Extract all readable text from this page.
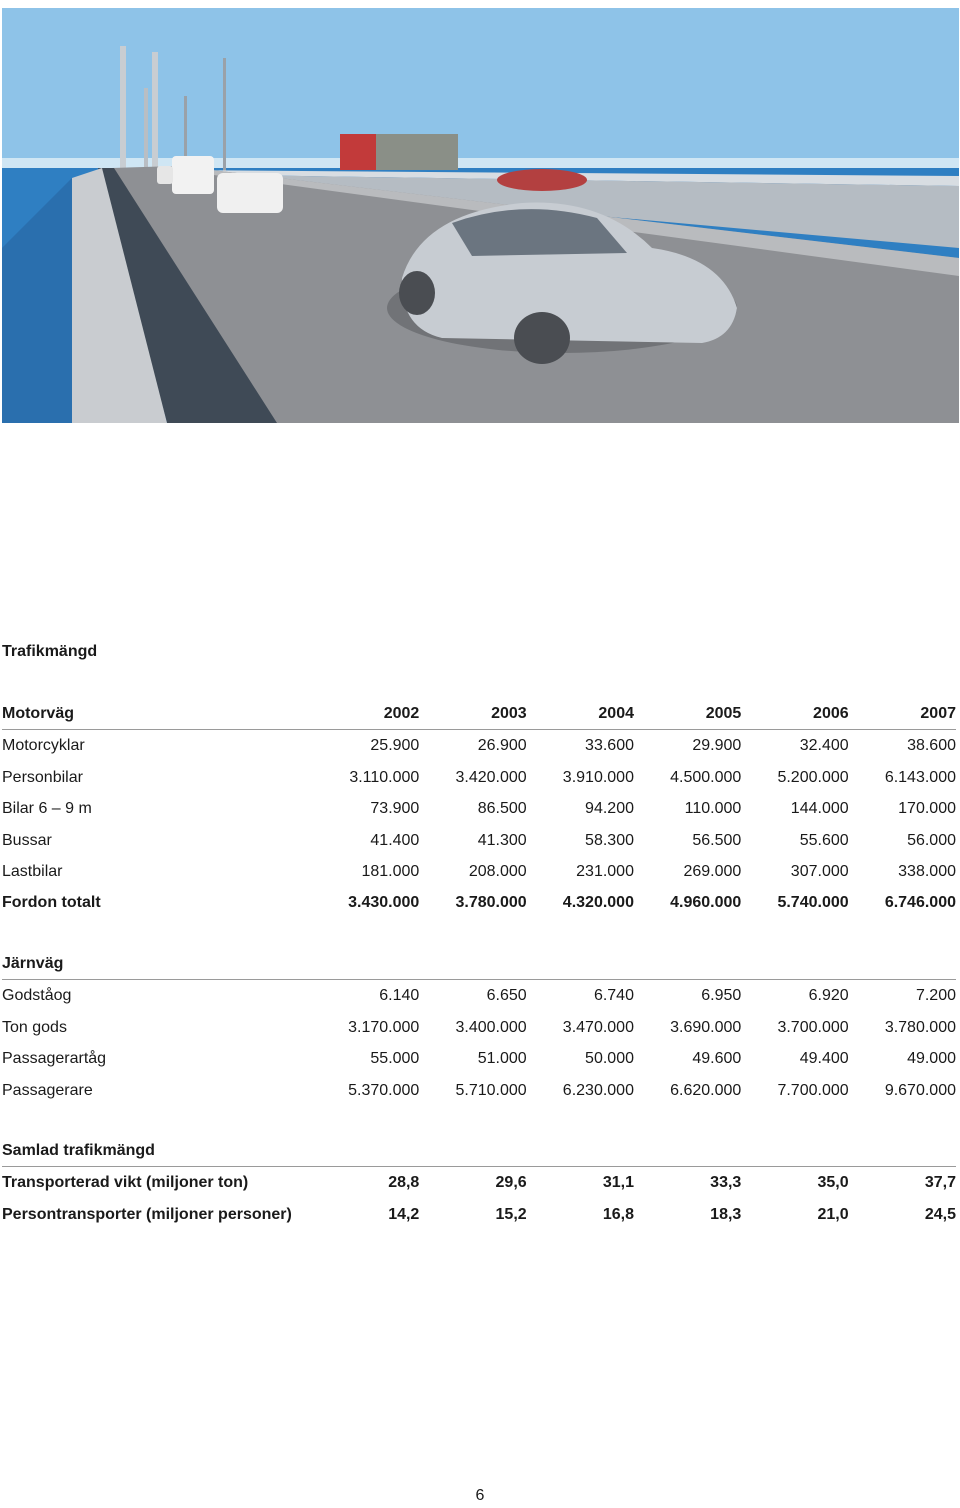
Trafikmängd
Motorväg	2002	2003	2004	2005	2006	2007
Motorcyklar	25.900	26.900	33.600	29.900	32.400	38.600
Personbilar	3.110.000	3.420.000	3.910.000	4.500.000	5.200.000	6.143.000
Bilar 6 – 9 m	73.900	86.500	94.200	110.000	144.000	170.000
Bussar	41.400	41.300	58.300	56.500	55.600	56.000
Lastbilar	181.000	208.000	231.000	269.000	307.000	338.000
Fordon totalt	3.430.000	3.780.000	4.320.000	4.960.000	5.740.000	6.746.000
Järnväg						
Godståog	6.140	6.650	6.740	6.950	6.920	7.200
Ton gods	3.170.000	3.400.000	3.470.000	3.690.000	3.700.000	3.780.000
Passagerartåg	55.000	51.000	50.000	49.600	49.400	49.000
Passagerare	5.370.000	5.710.000	6.230.000	6.620.000	7.700.000	9.670.000
Samlad trafikmängd						
Transporterad vikt (miljoner ton)	28,8	29,6	31,1	33,3	35,0	37,7
Persontransporter (miljoner personer)	14,2	15,2	16,8	18,3	21,0	24,5
6
